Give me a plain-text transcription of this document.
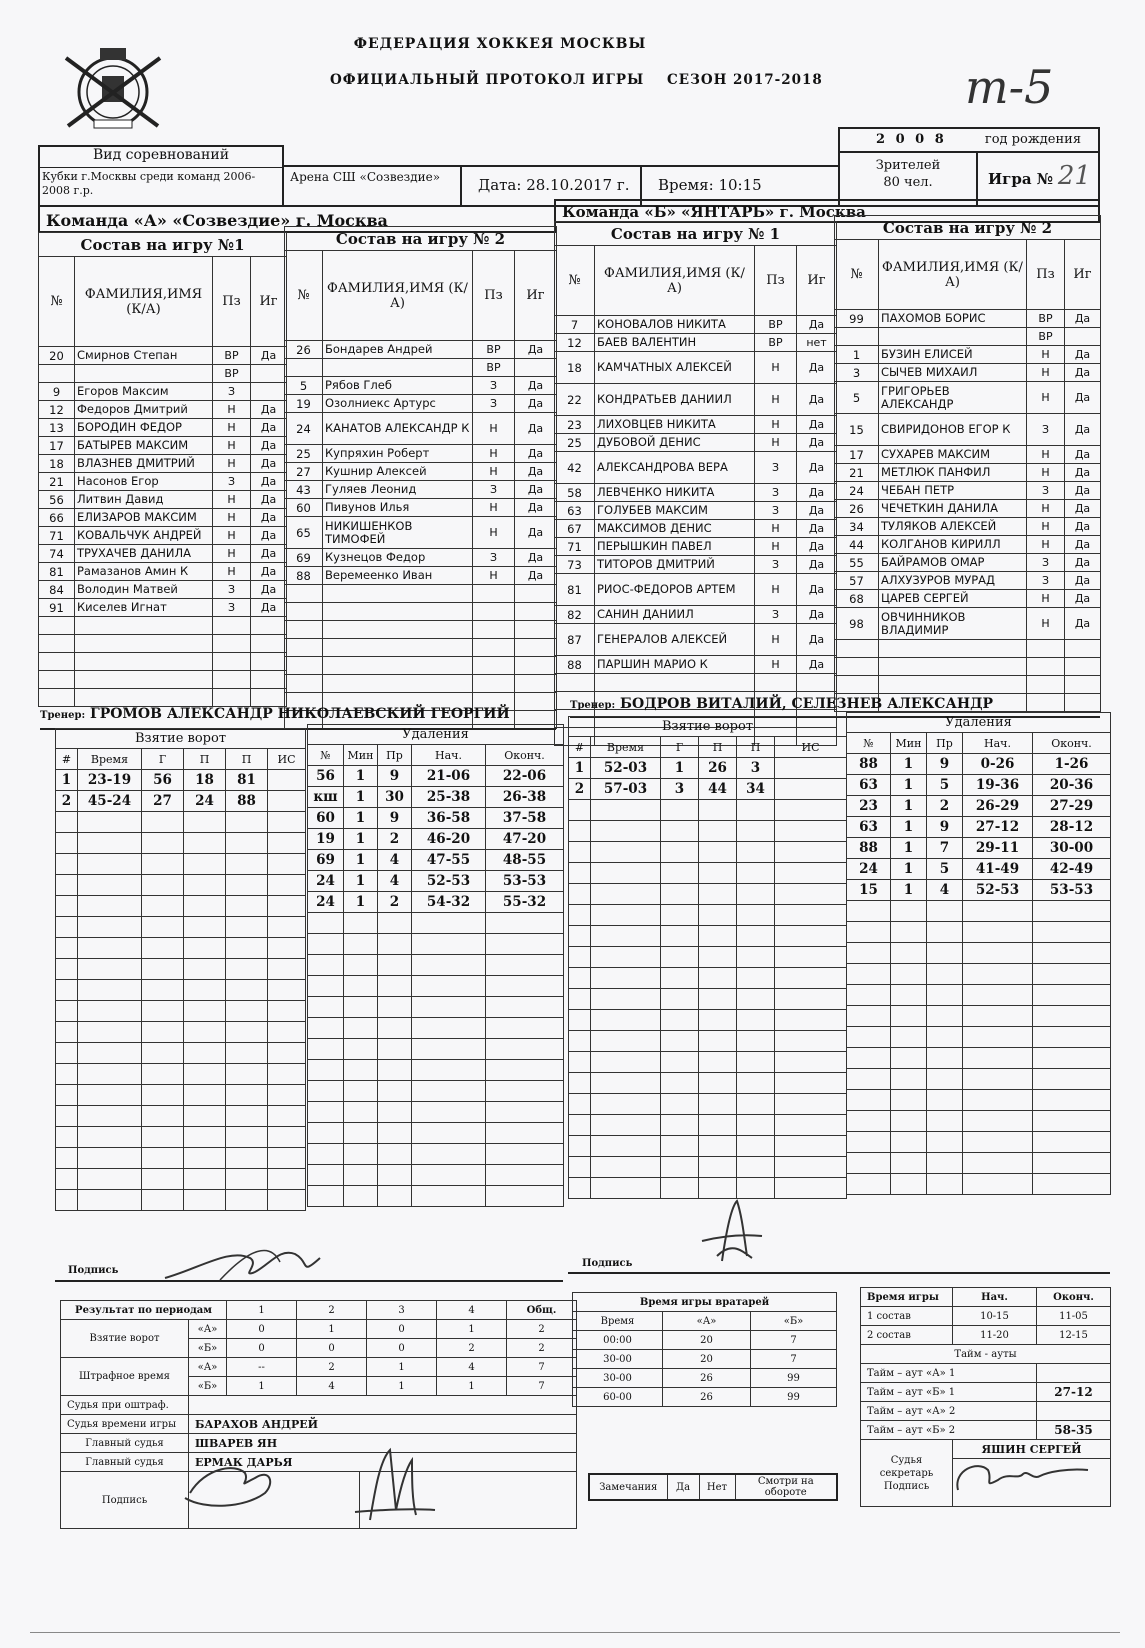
ФЕДЕРАЦИЯ ХОККЕЯ МОСКВЫ
ОФИЦИАЛЬНЫЙ ПРОТОКОЛ ИГРЫ СЕЗОН 2017-2018	т-5
2 0 0 8	год рождения
Вид соревнований
Кубки г.Москвы среди команд 2006-2008 г.р.
Арена СШ «Созвездие»	Дата: 28.10.2017 г.	Время: 10:15
Зрителей
80 чел.	Игра № 21
Команда «А» «Созвездие» г. Москва	Команда «Б» «ЯНТАРЬ» г. Москва
Состав на игру №1			
№	ФАМИЛИЯ,ИМЯ (К/А)	Пз	Иг
20	Смирнов Степан	ВР	Да
		ВР	
9	Егоров Максим	З	
12	Федоров Дмитрий	Н	Да
13	БОРОДИН ФЕДОР	Н	Да
17	БАТЫРЕВ МАКСИМ	Н	Да
18	ВЛАЗНЕВ ДМИТРИЙ	Н	Да
21	Насонов Егор	З	Да
56	Литвин Давид	Н	Да
66	ЕЛИЗАРОВ МАКСИМ	Н	Да
71	КОВАЛЬЧУК АНДРЕЙ	Н	Да
74	ТРУХАЧЕВ ДАНИЛА	Н	Да
81	Рамазанов Амин К	Н	Да
84	Володин Матвей	З	Да
91	Киселев Игнат	З	Да

Состав на игру № 2			
№	ФАМИЛИЯ,ИМЯ (К/А)	Пз	Иг
26	Бондарев Андрей	ВР	Да
		ВР	
5	Рябов Глеб	З	Да
19	Озолниекс Артурс	З	Да
24	КАНАТОВ АЛЕКСАНДР К	Н	Да
25	Купряхин Роберт	Н	Да
27	Кушнир Алексей	Н	Да
43	Гуляев Леонид	З	Да
60	Пивунов Илья	Н	Да
65	НИКИШЕНКОВ ТИМОФЕЙ	Н	Да
69	Кузнецов Федор	З	Да
88	Веремеенко Иван	Н	Да

Состав на игру № 1			
№	ФАМИЛИЯ,ИМЯ (К/А)	Пз	Иг
7	КОНОВАЛОВ НИКИТА	ВР	Да
12	БАЕВ ВАЛЕНТИН	ВР	нет
18	КАМЧАТНЫХ АЛЕКСЕЙ	Н	Да
22	КОНДРАТЬЕВ ДАНИИЛ	Н	Да
23	ЛИХОВЦЕВ НИКИТА	Н	Да
25	ДУБОВОЙ ДЕНИС	Н	Да
42	АЛЕКСАНДРОВА ВЕРА	З	Да
58	ЛЕВЧЕНКО НИКИТА	З	Да
63	ГОЛУБЕВ МАКСИМ	З	Да
67	МАКСИМОВ ДЕНИС	Н	Да
71	ПЕРЫШКИН ПАВЕЛ	Н	Да
73	ТИТОРОВ ДМИТРИЙ	З	Да
81	РИОС-ФЕДОРОВ АРТЕМ	Н	Да
82	САНИН ДАНИИЛ	З	Да
87	ГЕНЕРАЛОВ АЛЕКСЕЙ	Н	Да
88	ПАРШИН МАРИО К	Н	Да

Состав на игру № 2			
№	ФАМИЛИЯ,ИМЯ (К/А)	Пз	Иг
99	ПАХОМОВ БОРИС	ВР	Да
		ВР	
1	БУЗИН ЕЛИСЕЙ	Н	Да
3	СЫЧЕВ МИХАИЛ	Н	Да
5	ГРИГОРЬЕВ АЛЕКСАНДР	Н	Да
15	СВИРИДОНОВ ЕГОР К	З	Да
17	СУХАРЕВ МАКСИМ	Н	Да
21	МЕТЛЮК ПАНФИЛ	Н	Да
24	ЧЕБАН ПЕТР	З	Да
26	ЧЕЧЕТКИН ДАНИЛА	Н	Да
34	ТУЛЯКОВ АЛЕКСЕЙ	Н	Да
44	КОЛГАНОВ КИРИЛЛ	Н	Да
55	БАЙРАМОВ ОМАР	З	Да
57	АЛХУЗУРОВ МУРАД	З	Да
68	ЦАРЕВ СЕРГЕЙ	Н	Да
98	ОВЧИННИКОВ ВЛАДИМИР	Н	Да

Тренер: ГРОМОВ АЛЕКСАНДР НИКОЛАЕВСКИЙ ГЕОРГИЙ
Тренер: БОДРОВ ВИТАЛИЙ, СЕЛЕЗНЕВ АЛЕКСАНДР
Взятие ворот					
#	Время	Г	П	П	ИС
1	23-19	56	18	81	
2	45-24	27	24	88	

Удаления				
№	Мин	Пр	Нач.	Оконч.
56	1	9	21-06	22-06
кш	1	30	25-38	26-38
60	1	9	36-58	37-58
19	1	2	46-20	47-20
69	1	4	47-55	48-55
24	1	4	52-53	53-53
24	1	2	54-32	55-32

Взятие ворот					
#	Время	Г	П	П	ИС
1	52-03	1	26	3	
2	57-03	3	44	34	

Удаления				
№	Мин	Пр	Нач.	Оконч.
88	1	9	0-26	1-26
63	1	5	19-36	20-36
23	1	2	26-29	27-29
63	1	9	27-12	28-12
88	1	7	29-11	30-00
24	1	5	41-49	42-49
15	1	4	52-53	53-53

Подпись
Подпись
Результат по периодам		1	2	3	4	Общ.
Взятие ворот	«А»	0	1	0	1	2
	«Б»	0	0	0	2	2
Штрафное время	«А»	--	2	1	4	7
	«Б»	1	4	1	1	7
Судья при оштраф.	
Судья времени игры	БАРАХОВ АНДРЕЙ
Главный судья	ШВАРЕВ ЯН
Главный судья	ЕРМАК ДАРЬЯ
Подпись	
Время игры вратарей		
Время	«А»	«Б»
00:00	20	7
30-00	20	7
30-00	26	99
60-00	26	99
Замечания	Да	Нет	Смотри на обороте
Время игры	Нач.	Оконч.
1 состав	10-15	11-05
2 состав	11-20	12-15
Тайм - ауты		
Тайм – аут «А» 1		
Тайм – аут «Б» 1		27-12
Тайм – аут «А» 2		
Тайм – аут «Б» 2		58-35
Судья секретарь Подпись	ЯШИН СЕРГЕЙ	
